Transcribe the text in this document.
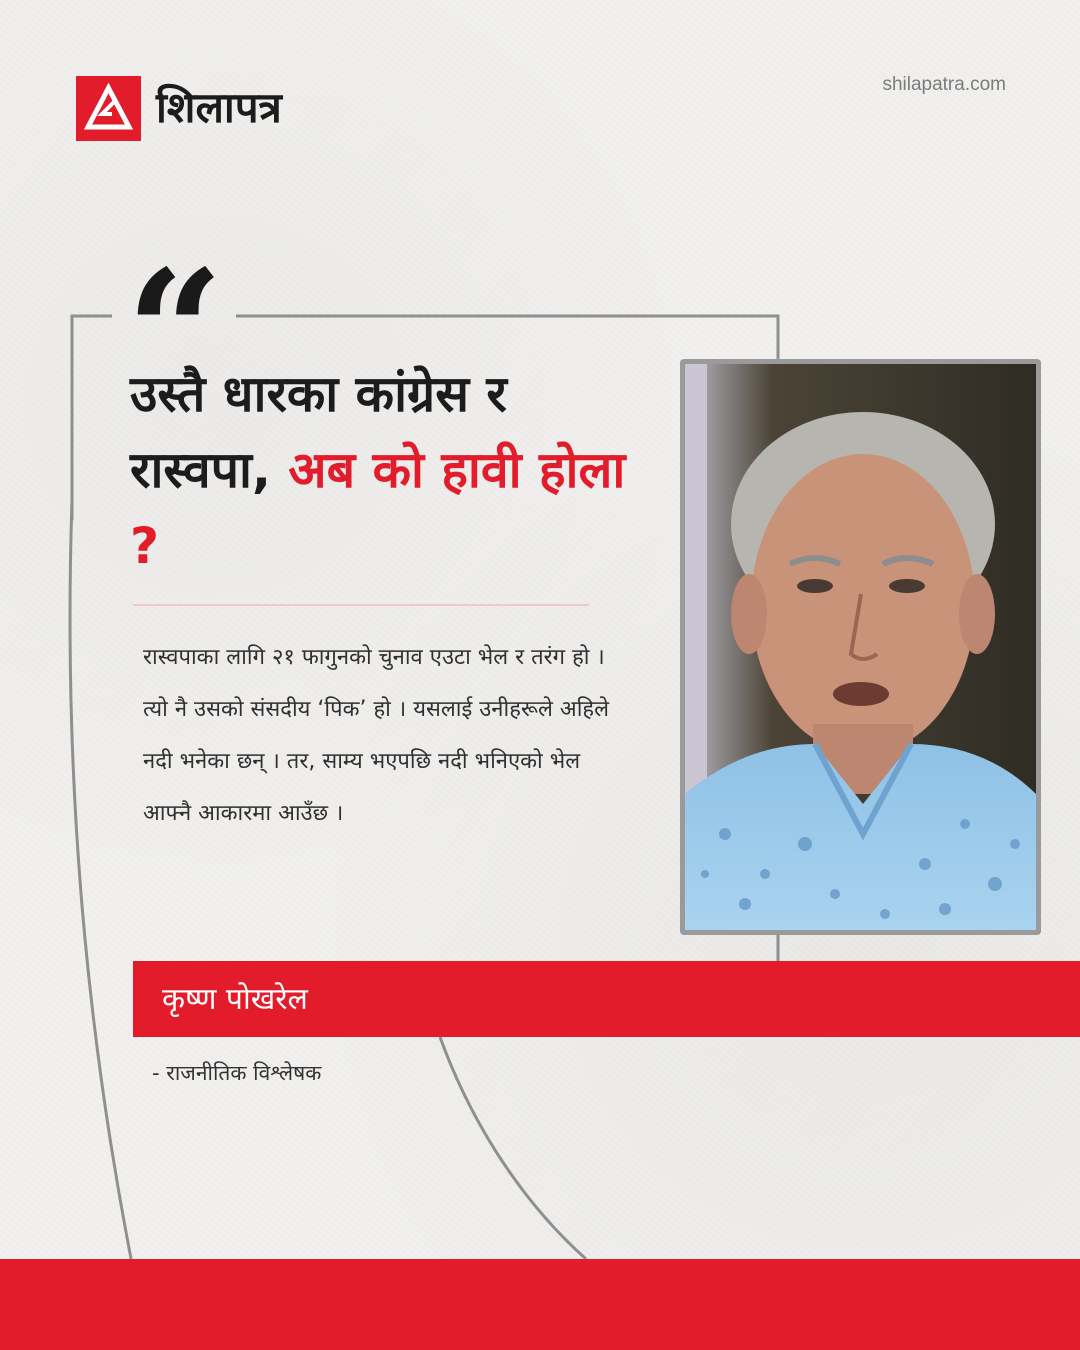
शिलापत्र	shilapatra.com
“
उस्तै धारका कांग्रेस र रास्वपा, अब को हावी होला ?
रास्वपाका लागि २१ फागुनको चुनाव एउटा भेल र तरंग हो । त्यो नै उसको संसदीय ‘पिक’ हो । यसलाई उनीहरूले अहिले नदी भनेका छन् । तर, साम्य भएपछि नदी भनिएको भेल आफ्नै आकारमा आउँछ ।
कृष्ण पोखरेल
- राजनीतिक विश्लेषक
